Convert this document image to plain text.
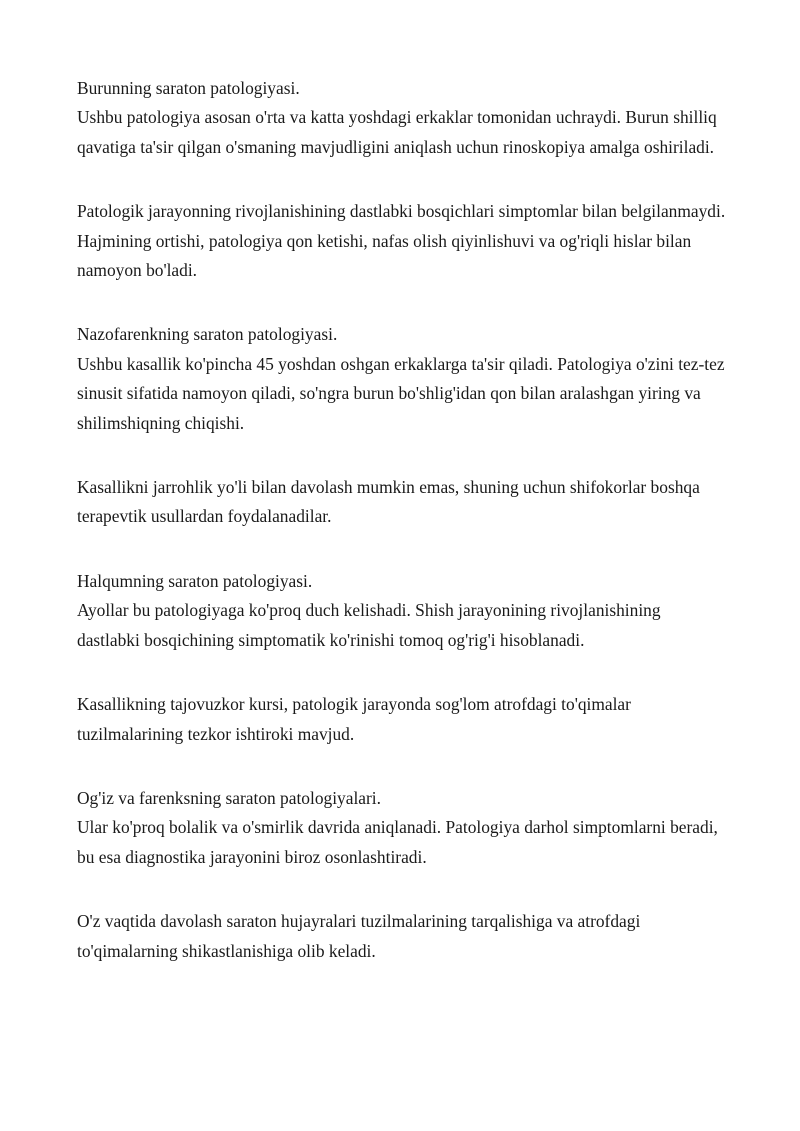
Burunning saraton patologiyasi.

Ushbu patologiya asosan o'rta va katta yoshdagi erkaklar tomonidan uchraydi. Burun shilliq qavatiga ta'sir qilgan o'smaning mavjudligini aniqlash uchun rinoskopiya amalga oshiriladi.

Patologik jarayonning rivojlanishining dastlabki bosqichlari simptomlar bilan belgilanmaydi. Hajmining ortishi, patologiya qon ketishi, nafas olish qiyinlishuvi va og'riqli hislar bilan namoyon bo'ladi.

Nazofarenkning saraton patologiyasi.

Ushbu kasallik ko'pincha 45 yoshdan oshgan erkaklarga ta'sir qiladi. Patologiya o'zini tez-tez sinusit sifatida namoyon qiladi, so'ngra burun bo'shlig'idan qon bilan aralashgan yiring va shilimshiqning chiqishi.

Kasallikni jarrohlik yo'li bilan davolash mumkin emas, shuning uchun shifokorlar boshqa terapevtik usullardan foydalanadilar.

Halqumning saraton patologiyasi.

Ayollar bu patologiyaga ko'proq duch kelishadi. Shish jarayonining rivojlanishining dastlabki bosqichining simptomatik ko'rinishi tomoq og'rig'i hisoblanadi.

Kasallikning tajovuzkor kursi, patologik jarayonda sog'lom atrofdagi to'qimalar tuzilmalarining tezkor ishtiroki mavjud.

Og'iz va farenksning saraton patologiyalari.

Ular ko'proq bolalik va o'smirlik davrida aniqlanadi. Patologiya darhol simptomlarni beradi, bu esa diagnostika jarayonini biroz osonlashtiradi.

O'z vaqtida davolash saraton hujayralari tuzilmalarining tarqalishiga va atrofdagi to'qimalarning shikastlanishiga olib keladi.
